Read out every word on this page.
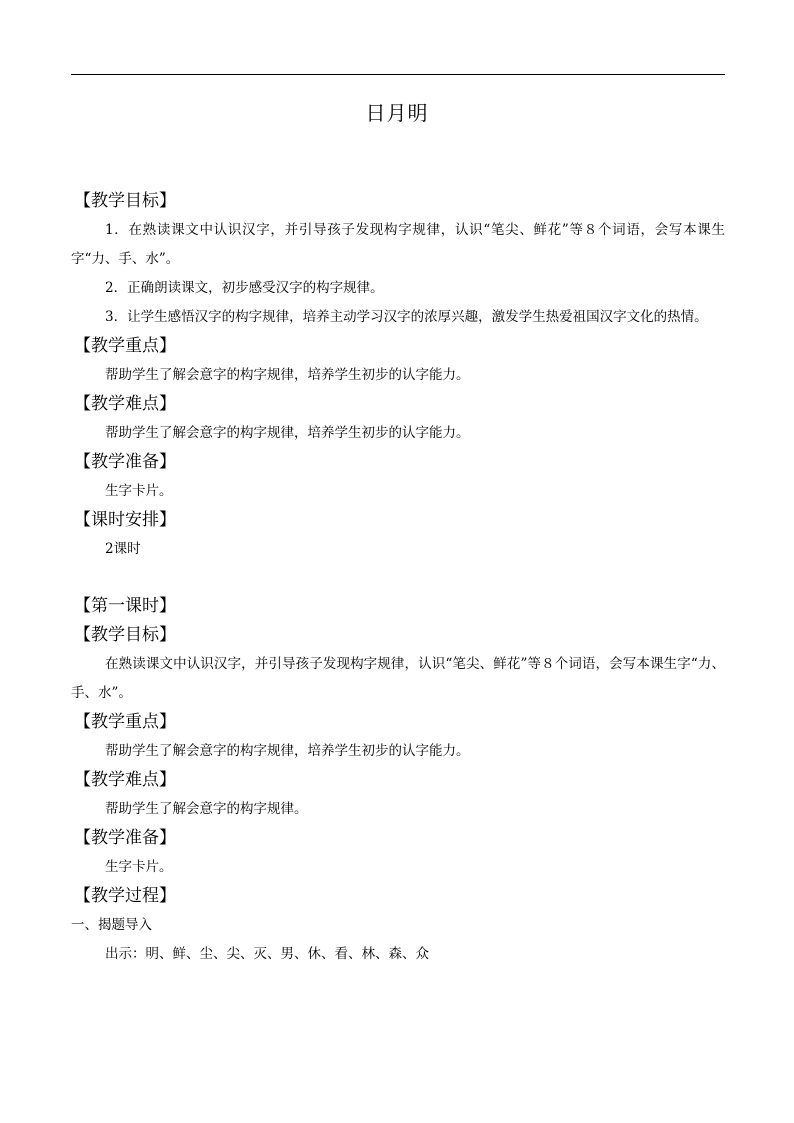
日月明
【教学目标】
1．在熟读课文中认识汉字，并引导孩子发现构字规律，认识“笔尖、鲜花”等８个词语，会写本课生字“力、手、水”。
2．正确朗读课文，初步感受汉字的构字规律。
3．让学生感悟汉字的构字规律，培养主动学习汉字的浓厚兴趣，激发学生热爱祖国汉字文化的热情。
【教学重点】
帮助学生了解会意字的构字规律，培养学生初步的认字能力。
【教学难点】
帮助学生了解会意字的构字规律，培养学生初步的认字能力。
【教学准备】
生字卡片。
【课时安排】
2课时
【第一课时】
【教学目标】
在熟读课文中认识汉字，并引导孩子发现构字规律，认识“笔尖、鲜花”等８个词语，会写本课生字“力、手、水”。
【教学重点】
帮助学生了解会意字的构字规律，培养学生初步的认字能力。
【教学难点】
帮助学生了解会意字的构字规律。
【教学准备】
生字卡片。
【教学过程】
一、揭题导入
出示：明、鲜、尘、尖、灭、男、休、看、林、森、众
